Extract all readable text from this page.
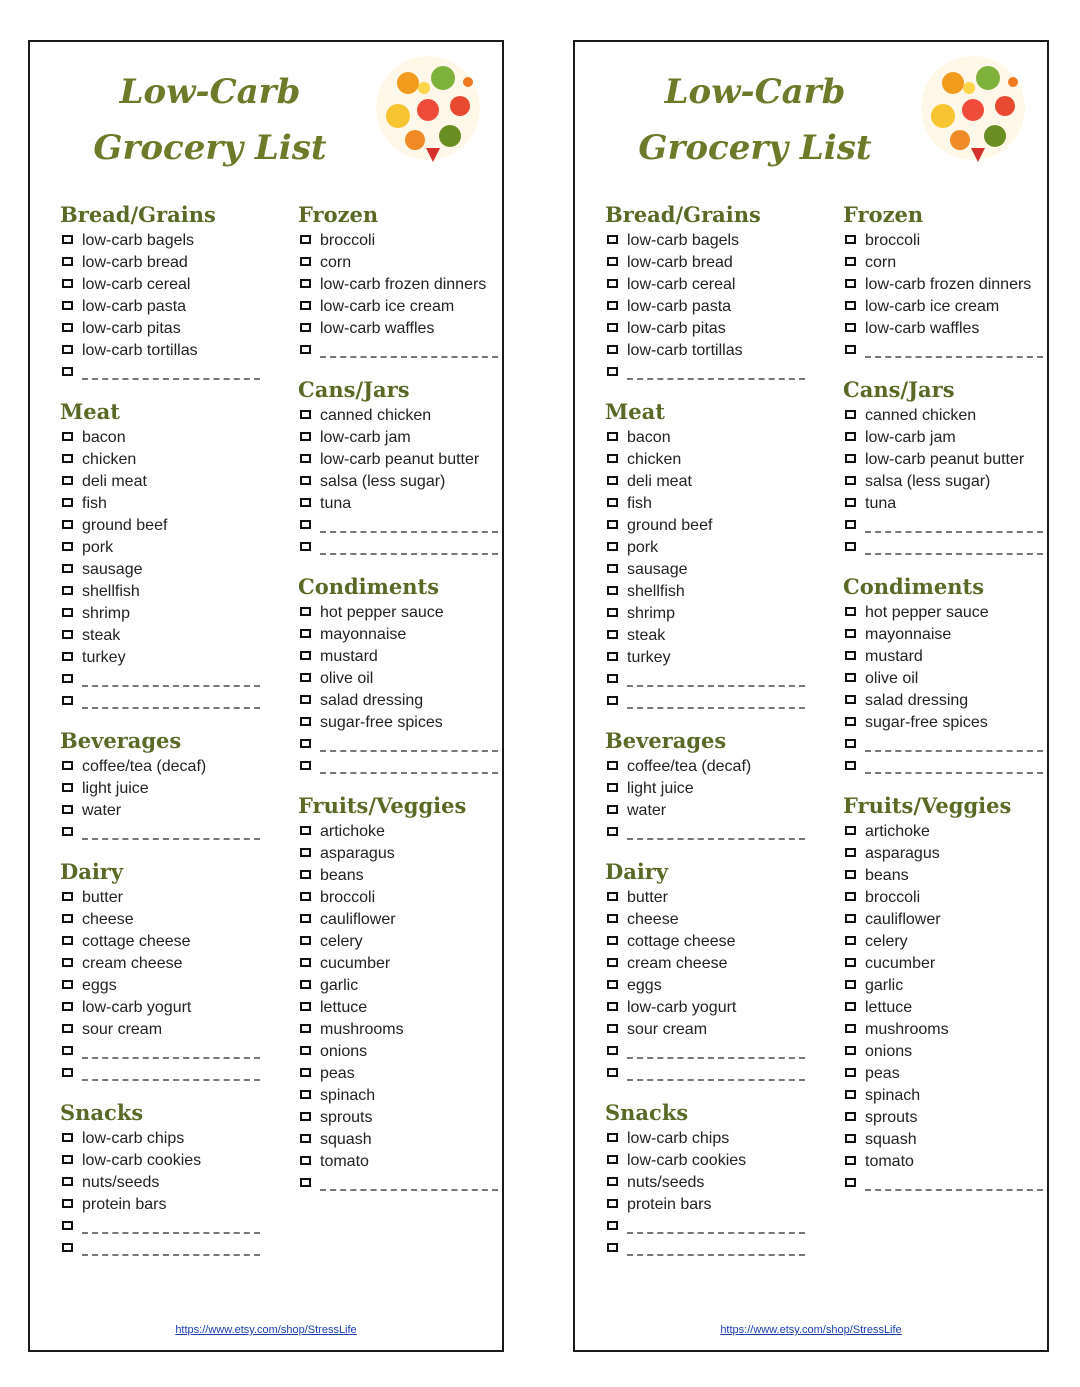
Low-Carb
Grocery List
Bread/Grains
low-carb bagels
low-carb bread
low-carb cereal
low-carb pasta
low-carb pitas
low-carb tortillas
Meat
bacon
chicken
deli meat
fish
ground beef
pork
sausage
shellfish
shrimp
steak
turkey
Beverages
coffee/tea (decaf)
light juice
water
Dairy
butter
cheese
cottage cheese
cream cheese
eggs
low-carb yogurt
sour cream
Snacks
low-carb chips
low-carb cookies
nuts/seeds
protein bars
Frozen
broccoli
corn
low-carb frozen dinners
low-carb ice cream
low-carb waffles
Cans/Jars
canned chicken
low-carb jam
low-carb peanut butter
salsa (less sugar)
tuna
Condiments
hot pepper sauce
mayonnaise
mustard
olive oil
salad dressing
sugar-free spices
Fruits/Veggies
artichoke
asparagus
beans
broccoli
cauliflower
celery
cucumber
garlic
lettuce
mushrooms
onions
peas
spinach
sprouts
squash
tomato
https://www.etsy.com/shop/StressLife
Low-Carb
Grocery List
Bread/Grains
low-carb bagels
low-carb bread
low-carb cereal
low-carb pasta
low-carb pitas
low-carb tortillas
Meat
bacon
chicken
deli meat
fish
ground beef
pork
sausage
shellfish
shrimp
steak
turkey
Beverages
coffee/tea (decaf)
light juice
water
Dairy
butter
cheese
cottage cheese
cream cheese
eggs
low-carb yogurt
sour cream
Snacks
low-carb chips
low-carb cookies
nuts/seeds
protein bars
Frozen
broccoli
corn
low-carb frozen dinners
low-carb ice cream
low-carb waffles
Cans/Jars
canned chicken
low-carb jam
low-carb peanut butter
salsa (less sugar)
tuna
Condiments
hot pepper sauce
mayonnaise
mustard
olive oil
salad dressing
sugar-free spices
Fruits/Veggies
artichoke
asparagus
beans
broccoli
cauliflower
celery
cucumber
garlic
lettuce
mushrooms
onions
peas
spinach
sprouts
squash
tomato
https://www.etsy.com/shop/StressLife
